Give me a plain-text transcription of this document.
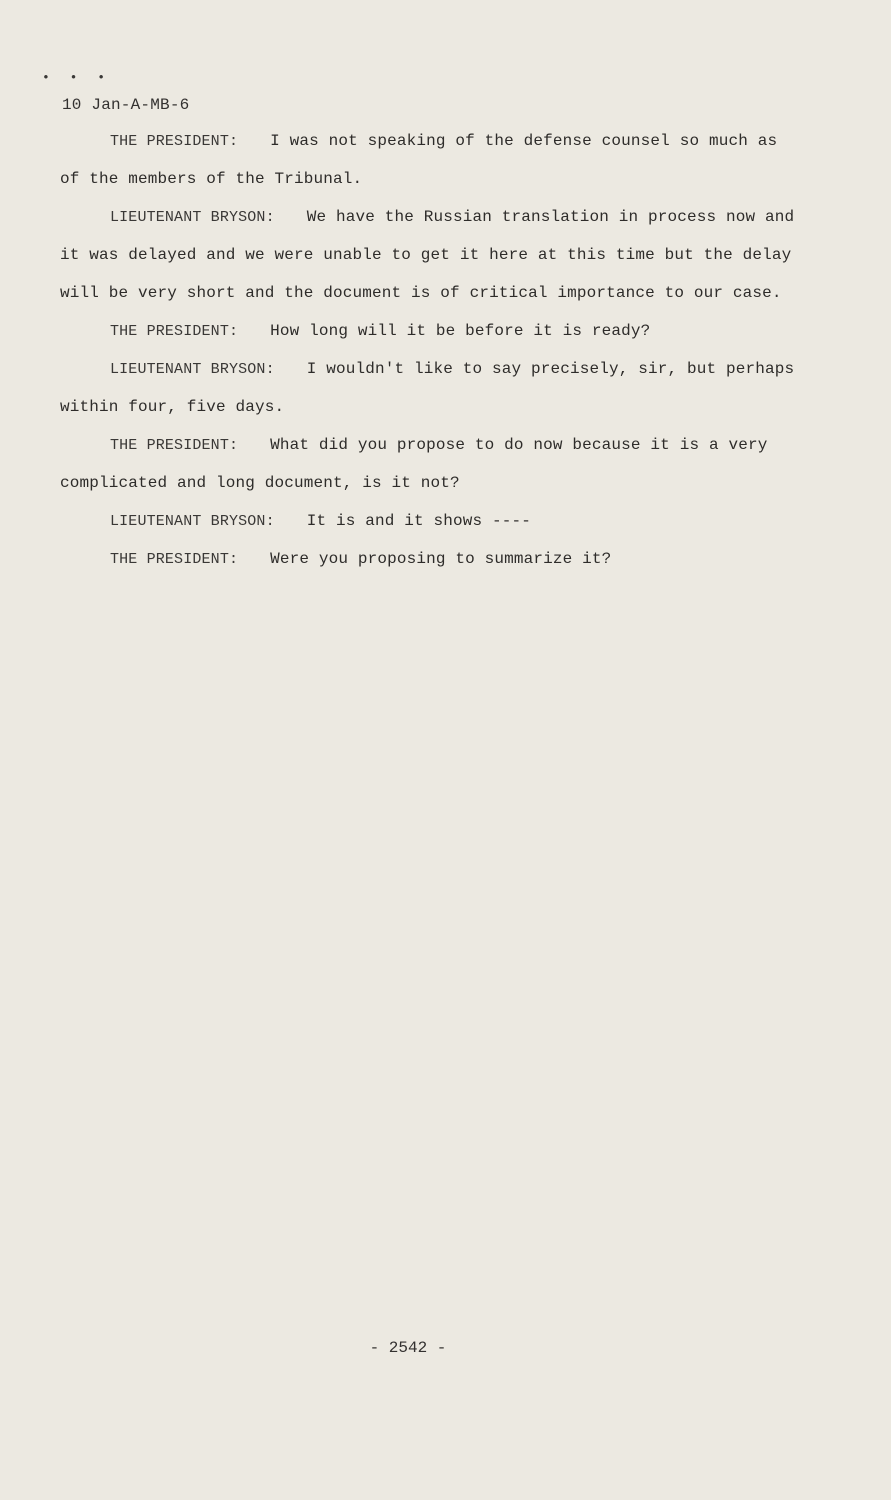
• • •
10 Jan-A-MB-6
THE PRESIDENT: I was not speaking of the defense counsel so much as
of the members of the Tribunal.
LIEUTENANT BRYSON: We have the Russian translation in process now and
it was delayed and we were unable to get it here at this time but the delay
will be very short and the document is of critical importance to our case.
THE PRESIDENT: How long will it be before it is ready?
LIEUTENANT BRYSON: I wouldn't like to say precisely, sir, but perhaps
within four, five days.
THE PRESIDENT: What did you propose to do now because it is a very
complicated and long document, is it not?
LIEUTENANT BRYSON: It is and it shows ----
THE PRESIDENT: Were you proposing to summarize it?
- 2542 -
